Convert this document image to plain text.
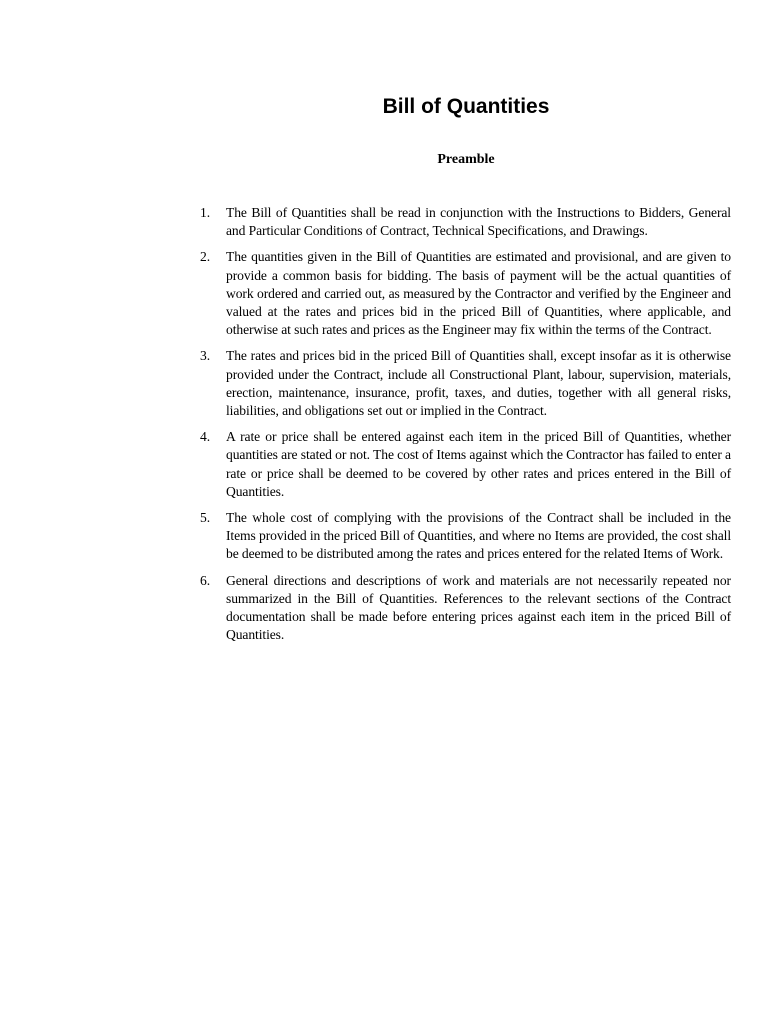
Bill of Quantities
Preamble
1.	The Bill of Quantities shall be read in conjunction with the Instructions to Bidders, General and Particular Conditions of Contract, Technical Specifications, and Drawings.
2.	The quantities given in the Bill of Quantities are estimated and provisional, and are given to provide a common basis for bidding. The basis of payment will be the actual quantities of work ordered and carried out, as measured by the Contractor and verified by the Engineer and valued at the rates and prices bid in the priced Bill of Quantities, where applicable, and otherwise at such rates and prices as the Engineer may fix within the terms of the Contract.
3.	The rates and prices bid in the priced Bill of Quantities shall, except insofar as it is otherwise provided under the Contract, include all Constructional Plant, labour, supervision, materials, erection, maintenance, insurance, profit, taxes, and duties, together with all general risks, liabilities, and obligations set out or implied in the Contract.
4.	A rate or price shall be entered against each item in the priced Bill of Quantities, whether quantities are stated or not. The cost of Items against which the Contractor has failed to enter a rate or price shall be deemed to be covered by other rates and prices entered in the Bill of Quantities.
5.	The whole cost of complying with the provisions of the Contract shall be included in the Items provided in the priced Bill of Quantities, and where no Items are provided, the cost shall be deemed to be distributed among the rates and prices entered for the related Items of Work.
6.	General directions and descriptions of work and materials are not necessarily repeated nor summarized in the Bill of Quantities. References to the relevant sections of the Contract documentation shall be made before entering prices against each item in the priced Bill of Quantities.
